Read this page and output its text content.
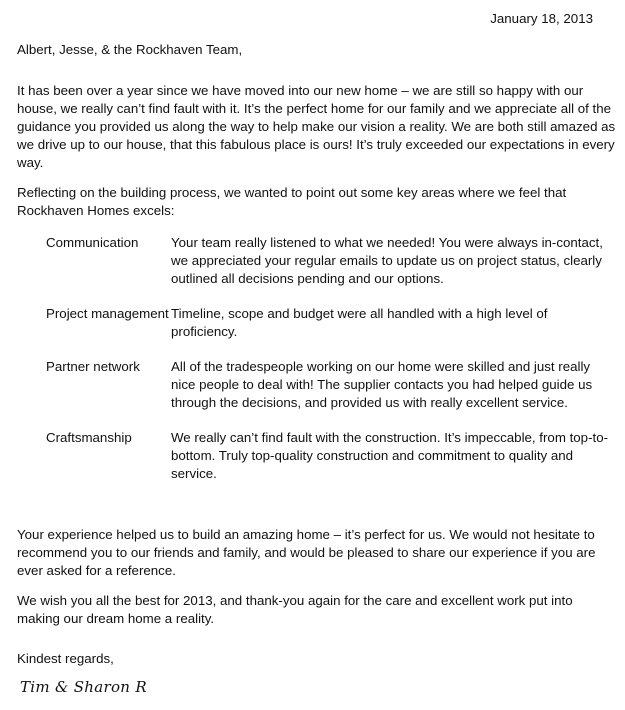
January 18, 2013
Albert, Jesse, & the Rockhaven Team,

It has been over a year since we have moved into our new home – we are still so happy with our house, we really can’t find fault with it. It’s the perfect home for our family and we appreciate all of the guidance you provided us along the way to help make our vision a reality. We are both still amazed as we drive up to our house, that this fabulous place is ours! It’s truly exceeded our expectations in every way.

Reflecting on the building process, we wanted to point out some key areas where we feel that Rockhaven Homes excels:

Communication	Your team really listened to what we needed! You were always in-contact, we appreciated your regular emails to update us on project status, clearly outlined all decisions pending and our options.
Project management Timeline, scope and budget were all handled with a high level of proficiency.
Partner network	All of the tradespeople working on our home were skilled and just really nice people to deal with! The supplier contacts you had helped guide us through the decisions, and provided us with really excellent service.
Craftsmanship	We really can’t find fault with the construction. It’s impeccable, from top-to-bottom. Truly top-quality construction and commitment to quality and service.

Your experience helped us to build an amazing home – it’s perfect for us. We would not hesitate to recommend you to our friends and family, and would be pleased to share our experience if you are ever asked for a reference.

We wish you all the best for 2013, and thank-you again for the care and excellent work put into making our dream home a reality.

Kindest regards,
Tim & Sharon R
